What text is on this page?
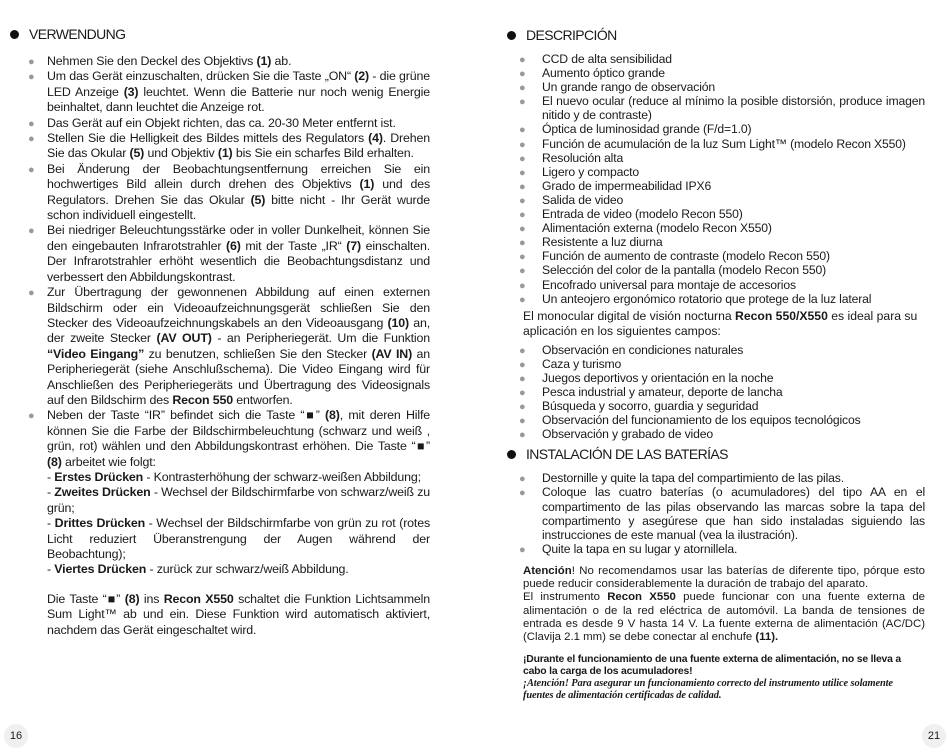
VERWENDUNG
● Nehmen Sie den Deckel des Objektivs (1) ab.
● Um das Gerät einzuschalten, drücken Sie die Taste „ON“ (2) - die grüne LED Anzeige (3) leuchtet. Wenn die Batterie nur noch wenig Energie beinhaltet, dann leuchtet die Anzeige rot.
● Das Gerät auf ein Objekt richten, das ca. 20-30 Meter entfernt ist.
● Stellen Sie die Helligkeit des Bildes mittels des Regulators (4). Drehen Sie das Okular (5) und Objektiv (1) bis Sie ein scharfes Bild erhalten.
● Bei Änderung der Beobachtungsentfernung erreichen Sie ein hochwertiges Bild allein durch drehen des Objektivs (1) und des Regulators. Drehen Sie das Okular (5) bitte nicht - Ihr Gerät wurde schon individuell eingestellt.
● Bei niedriger Beleuchtungsstärke oder in voller Dunkelheit, können Sie den eingebauten Infrarotstrahler (6) mit der Taste „IR“ (7) einschalten. Der Infrarotstrahler erhöht wesentlich die Beobachtungsdistanz und verbessert den Abbildungskontrast.
● Zur Übertragung der gewonnenen Abbildung auf einen externen Bildschirm oder ein Videoaufzeichnungsgerät schließen Sie den Stecker des Videoaufzeichnungskabels an den Videoausgang (10) an, der zweite Stecker (AV OUT) - an Peripheriegerät. Um die Funktion “Video Eingang” zu benutzen, schließen Sie den Stecker (AV IN) an Peripheriegerät (siehe Anschlußschema). Die Video Eingang wird für Anschließen des Peripheriegeräts und Übertragung des Videosignals auf den Bildschirm des Recon 550 entworfen.
● Neben der Taste “IR” befindet sich die Taste “■” (8), mit deren Hilfe können Sie die Farbe der Bildschirmbeleuchtung (schwarz und weiß , grün, rot) wählen und den Abbildungskontrast erhöhen. Die Taste “■” (8) arbeitet wie folgt:
- Erstes Drücken - Kontrasterhöhung der schwarz-weißen Abbildung;
- Zweites Drücken - Wechsel der Bildschirmfarbe von schwarz/weiß zu grün;
- Drittes Drücken - Wechsel der Bildschirmfarbe von grün zu rot (rotes Licht reduziert Überanstrengung der Augen während der Beobachtung);
- Viertes Drücken - zurück zur schwarz/weiß Abbildung.
Die Taste “■” (8) ins Recon X550 schaltet die Funktion Lichtsammeln Sum Light™ ab und ein. Diese Funktion wird automatisch aktiviert, nachdem das Gerät eingeschaltet wird.
DESCRIPCIÓN
● CCD de alta sensibilidad
● Aumento óptico grande
● Un grande rango de observación
● El nuevo ocular (reduce al mínimo la posible distorsión, produce imagen nitido y de contraste)
● Óptica de luminosidad grande (F/d=1.0)
● Función de acumulación de la luz Sum Light™ (modelo Recon X550)
● Resolución alta
● Ligero y compacto
● Grado de impermeabilidad IPX6
● Salida de video
● Entrada de video (modelo Recon 550)
● Alimentación externa (modelo Recon X550)
● Resistente a luz diurna
● Función de aumento de contraste (modelo Recon 550)
● Selección del color de la pantalla (modelo Recon 550)
● Encofrado universal para montaje de accesorios
● Un anteojero ergonómico rotatorio que protege de la luz lateral
El monocular digital de visión nocturna Recon 550/X550 es ideal para su aplicación en los siguientes campos:
● Observación en condiciones naturales
● Caza y turismo
● Juegos deportivos y orientación en la noche
● Pesca industrial y amateur, deporte de lancha
● Búsqueda y socorro, guardia y seguridad
● Observación del funcionamiento de los equipos tecnológicos
● Observación y grabado de video
INSTALACIÓN DE LAS BATERÍAS
● Destornille y quite la tapa del compartimiento de las pilas.
● Coloque las cuatro baterías (o acumuladores) del tipo AA en el compartimento de las pilas observando las marcas sobre la tapa del compartimento y asegúrese que han sido instaladas siguiendo las instrucciones de este manual (vea la ilustración).
● Quite la tapa en su lugar y atornillela.
Atención! No recomendamos usar las baterías de diferente tipo, pórque esto puede reducir considerablemente la duración de trabajo del aparato.
El instrumento Recon X550 puede funcionar con una fuente externa de alimentación o de la red eléctrica de automóvil. La banda de tensiones de entrada es desde 9 V hasta 14 V. La fuente externa de alimentación (AC/DC) (Clavija 2.1 mm) se debe conectar al enchufe (11).
¡Durante el funcionamiento de una fuente externa de alimentación, no se lleva a cabo la carga de los acumuladores!
¡Atención! Para asegurar un funcionamiento correcto del instrumento utilice solamente fuentes de alimentación certificadas de calidad.
16	21
